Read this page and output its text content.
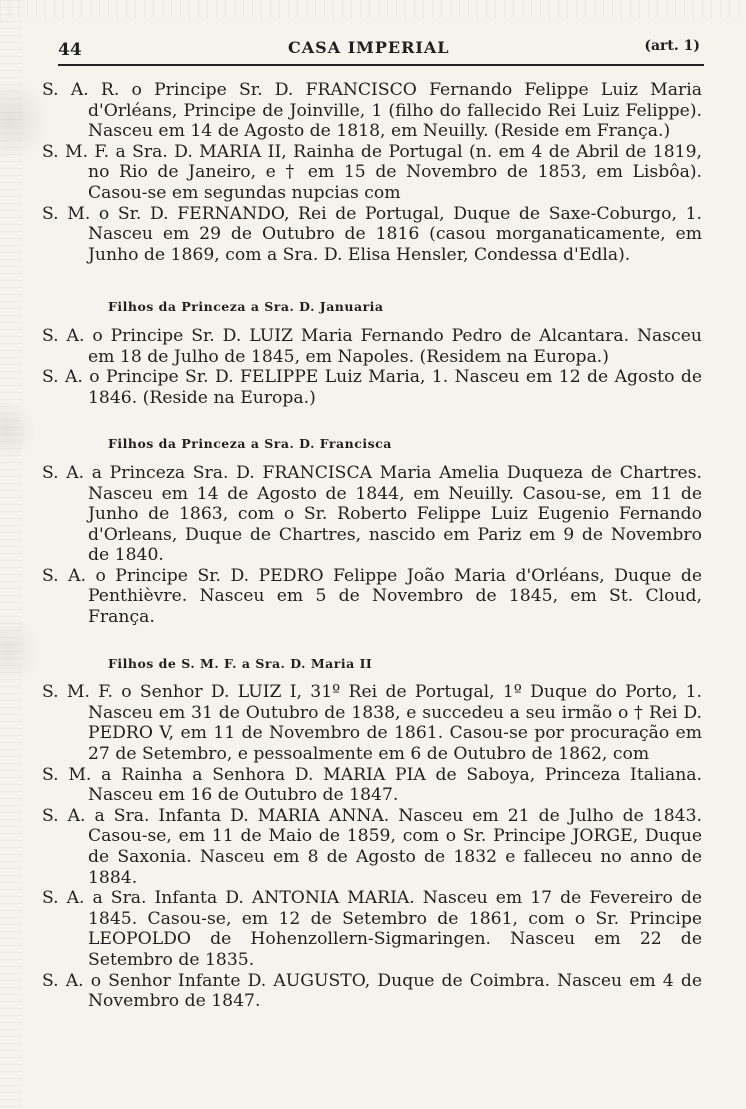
44	CASA IMPERIAL	(art. 1)

S. A. R. o Principe Sr. D. FRANCISCO Fernando Felippe Luiz Maria d'Orléans, Principe de Joinville, 1 (filho do fallecido Rei Luiz Felippe). Nasceu em 14 de Agosto de 1818, em Neuilly. (Reside em França.)

S. M. F. a Sra. D. MARIA II, Rainha de Portugal (n. em 4 de Abril de 1819, no Rio de Janeiro, e † em 15 de Novembro de 1853, em Lisbôa). Casou-se em segundas nupcias com

S. M. o Sr. D. FERNANDO, Rei de Portugal, Duque de Saxe-Coburgo, 1. Nasceu em 29 de Outubro de 1816 (casou morganaticamente, em Junho de 1869, com a Sra. D. Elisa Hensler, Condessa d'Edla).

Filhos da Princeza a Sra. D. Januaria

S. A. o Principe Sr. D. LUIZ Maria Fernando Pedro de Alcantara. Nasceu em 18 de Julho de 1845, em Napoles. (Residem na Europa.)

S. A. o Principe Sr. D. FELIPPE Luiz Maria, 1. Nasceu em 12 de Agosto de 1846. (Reside na Europa.)

Filhos da Princeza a Sra. D. Francisca

S. A. a Princeza Sra. D. FRANCISCA Maria Amelia Duqueza de Chartres. Nasceu em 14 de Agosto de 1844, em Neuilly. Casou-se, em 11 de Junho de 1863, com o Sr. Roberto Felippe Luiz Eugenio Fernando d'Orleans, Duque de Chartres, nascido em Pariz em 9 de Novembro de 1840.

S. A. o Principe Sr. D. PEDRO Felippe João Maria d'Orléans, Duque de Penthièvre. Nasceu em 5 de Novembro de 1845, em St. Cloud, França.

Filhos de S. M. F. a Sra. D. Maria II

S. M. F. o Senhor D. LUIZ I, 31º Rei de Portugal, 1º Duque do Porto, 1. Nasceu em 31 de Outubro de 1838, e succedeu a seu irmão o † Rei D. PEDRO V, em 11 de Novembro de 1861. Casou-se por procuração em 27 de Setembro, e pessoalmente em 6 de Outubro de 1862, com

S. M. a Rainha a Senhora D. MARIA PIA de Saboya, Princeza Italiana. Nasceu em 16 de Outubro de 1847.

S. A. a Sra. Infanta D. MARIA ANNA. Nasceu em 21 de Julho de 1843. Casou-se, em 11 de Maio de 1859, com o Sr. Principe JORGE, Duque de Saxonia. Nasceu em 8 de Agosto de 1832 e falleceu no anno de 1884.

S. A. a Sra. Infanta D. ANTONIA MARIA. Nasceu em 17 de Fevereiro de 1845. Casou-se, em 12 de Setembro de 1861, com o Sr. Principe LEOPOLDO de Hohenzollern-Sigmaringen. Nasceu em 22 de Setembro de 1835.

S. A. o Senhor Infante D. AUGUSTO, Duque de Coimbra. Nasceu em 4 de Novembro de 1847.
